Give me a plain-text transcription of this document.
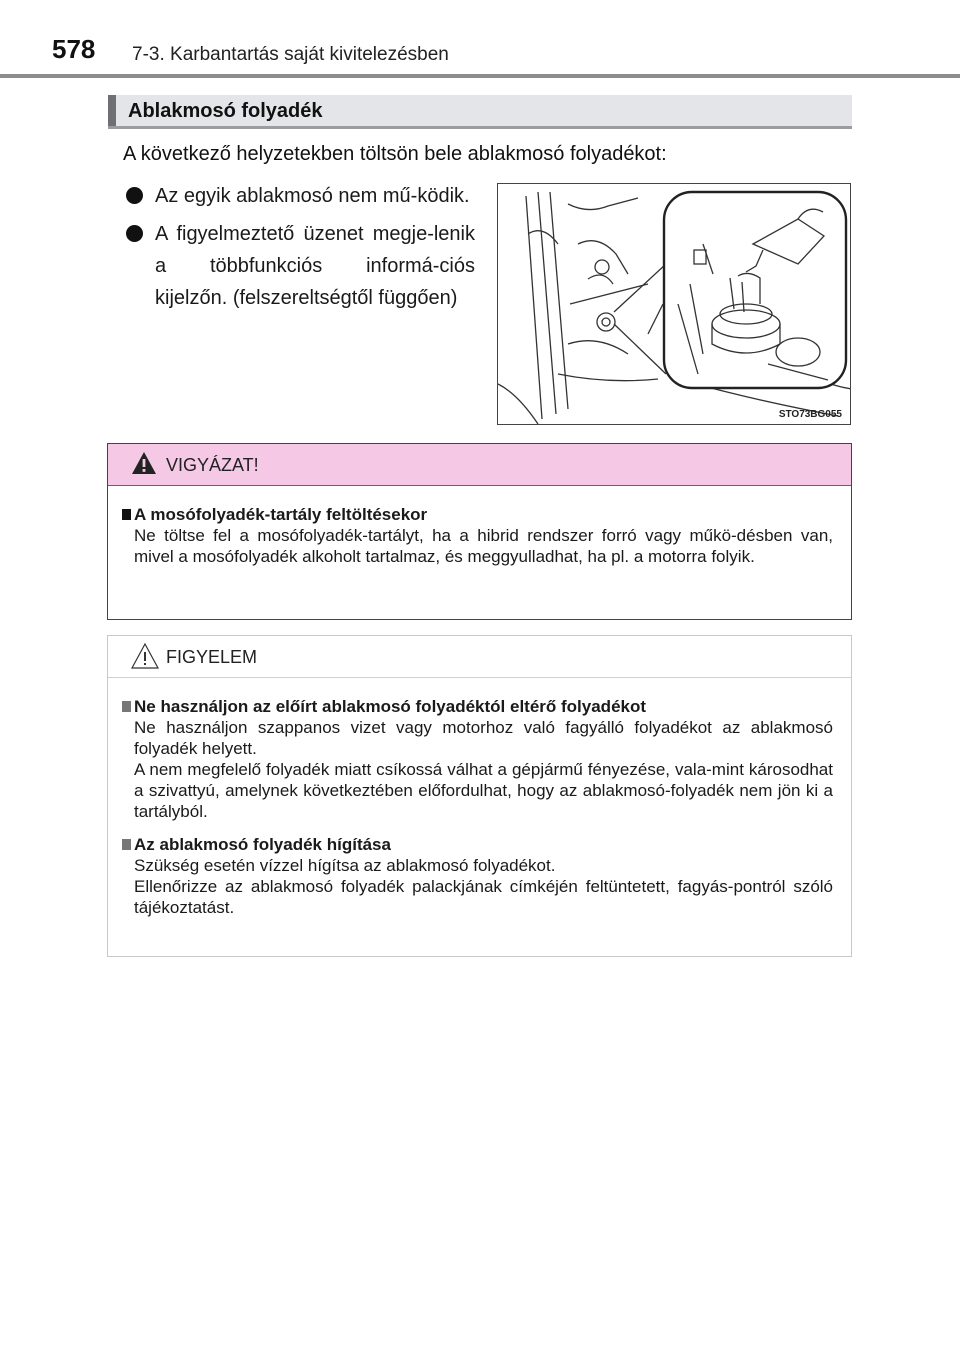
578 7-3. Karbantartás saját kivitelezésben
Ablakmosó folyadék
A következő helyzetekben töltsön bele ablakmosó folyadékot:
Az egyik ablakmosó nem mű-ködik.
A figyelmeztető üzenet megje-lenik a többfunkciós informá-ciós kijelzőn. (felszereltségtől függően)
STO73BG055
VIGYÁZAT!
A mosófolyadék-tartály feltöltésekor
Ne töltse fel a mosófolyadék-tartályt, ha a hibrid rendszer forró vagy műkö-désben van, mivel a mosófolyadék alkoholt tartalmaz, és meggyulladhat, ha pl. a motorra folyik.
FIGYELEM
Ne használjon az előírt ablakmosó folyadéktól eltérő folyadékot
Ne használjon szappanos vizet vagy motorhoz való fagyálló folyadékot az ablakmosó folyadék helyett.
A nem megfelelő folyadék miatt csíkossá válhat a gépjármű fényezése, vala-mint károsodhat a szivattyú, amelynek következtében előfordulhat, hogy az ablakmosó-folyadék nem jön ki a tartályból.
Az ablakmosó folyadék hígítása
Szükség esetén vízzel hígítsa az ablakmosó folyadékot.
Ellenőrizze az ablakmosó folyadék palackjának címkéjén feltüntetett, fagyás-pontról szóló tájékoztatást.
